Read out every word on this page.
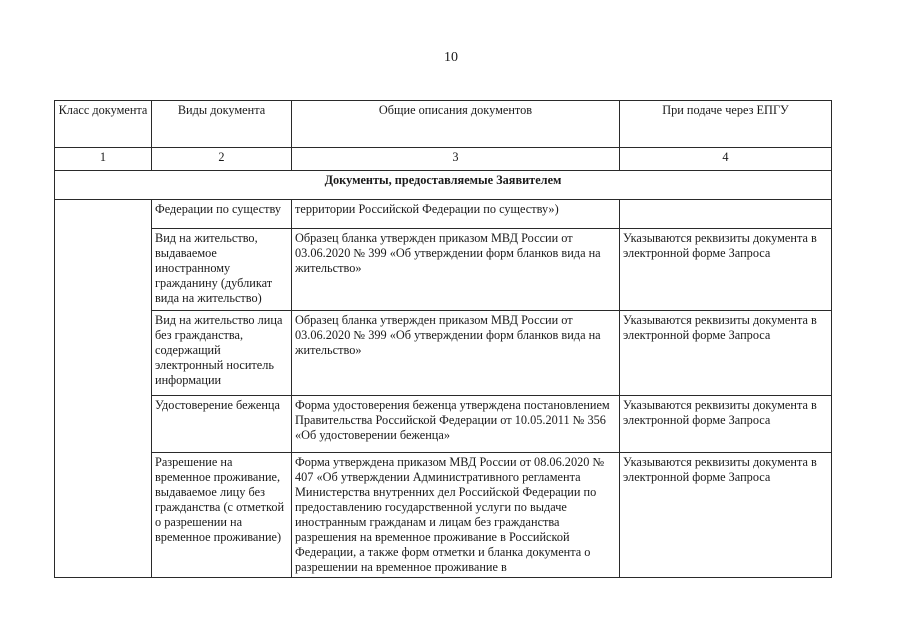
10
Класс документа	Виды документа	Общие описания документов	При подаче через ЕПГУ
1	2	3	4
Документы, предоставляемые Заявителем			
	Федерации по существу	территории Российской Федерации по существу»)	
	Вид на жительство, выдаваемое иностранному гражданину (дубликат вида на жительство)	Образец бланка утвержден приказом МВД России от 03.06.2020 № 399 «Об утверждении форм бланков вида на жительство»	Указываются реквизиты документа в электронной форме Запроса
	Вид на жительство лица без гражданства, содержащий электронный носитель информации	Образец бланка утвержден приказом МВД России от 03.06.2020 № 399 «Об утверждении форм бланков вида на жительство»	Указываются реквизиты документа в электронной форме Запроса
	Удостоверение беженца	Форма удостоверения беженца утверждена постановлением Правительства Российской Федерации от 10.05.2011 № 356 «Об удостоверении беженца»	Указываются реквизиты документа в электронной форме Запроса
	Разрешение на временное проживание, выдаваемое лицу без гражданства (с отметкой о разрешении на временное проживание)	Форма утверждена приказом МВД России от 08.06.2020 № 407 «Об утверждении Административного регламента Министерства внутренних дел Российской Федерации по предоставлению государственной услуги по выдаче иностранным гражданам и лицам без гражданства разрешения на временное проживание в Российской Федерации, а также форм отметки и бланка документа о разрешении на временное проживание в	Указываются реквизиты документа в электронной форме Запроса
